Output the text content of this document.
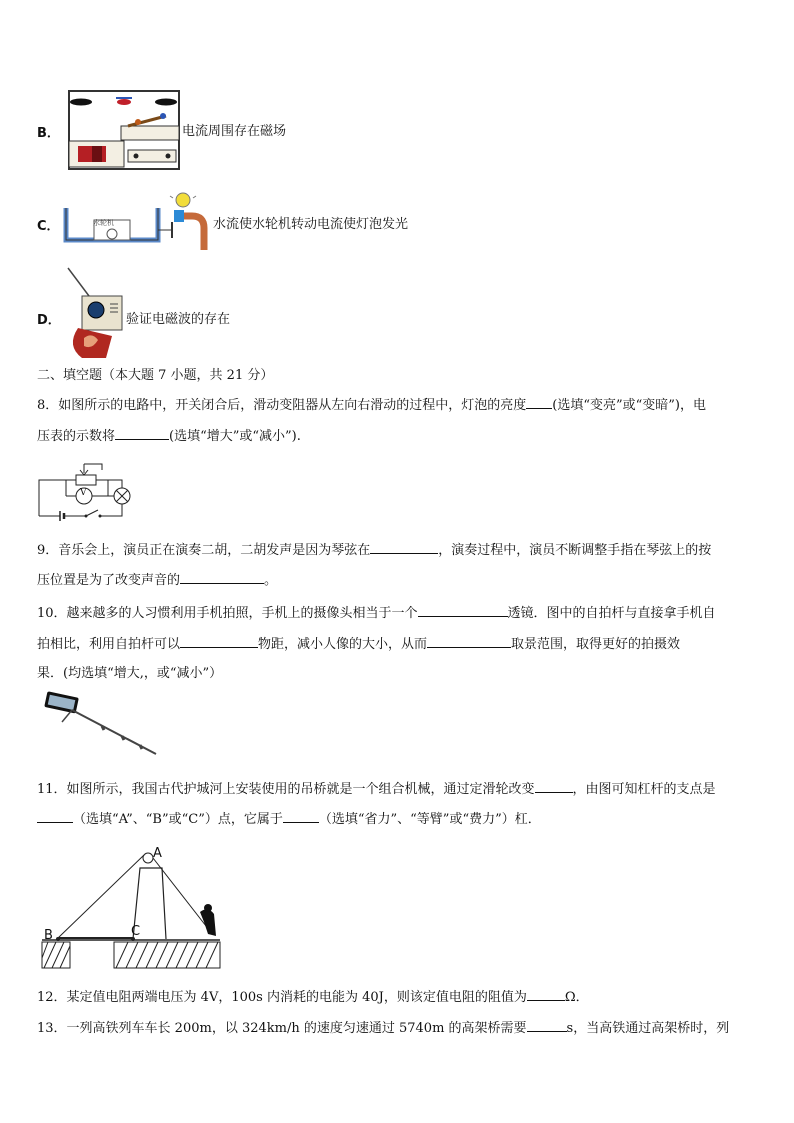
B．	电流周围存在磁场
C．	水轮机	水流使水轮机转动电流使灯泡发光
D．	验证电磁波的存在
二、填空题（本大题 7 小题，共 21 分）
8．如图所示的电路中，开关闭合后，滑动变阻器从左向右滑动的过程中，灯泡的亮度 (选填“变亮”或“变暗”)，电
压表的示数将	(选填“增大”或“减小”).
V
9．音乐会上，演员正在演奏二胡，二胡发声是因为琴弦在	，演奏过程中，演员不断调整手指在琴弦上的按
压位置是为了改变声音的	。
10．越来越多的人习惯利用手机拍照，手机上的摄像头相当于一个	透镜．图中的自拍杆与直接拿手机自
拍相比，利用自拍杆可以	物距，减小人像的大小，从而	取景范围，取得更好的拍摄效
果．(均选填“增大,，或“减小”）
11．如图所示，我国古代护城河上安装使用的吊桥就是一个组合机械，通过定滑轮改变	，由图可知杠杆的支点是
（选填“A”、“B”或“C”）点，它属于	（选填“省力”、“等臂”或“费力”）杠．
A
B	C
12．某定值电阻两端电压为 4V，100s 内消耗的电能为 40J，则该定值电阻的阻值为	Ω．
13．一列高铁列车车长 200m，以 324km/h 的速度匀速通过 5740m 的高架桥需要	s，当高铁通过高架桥时，列
